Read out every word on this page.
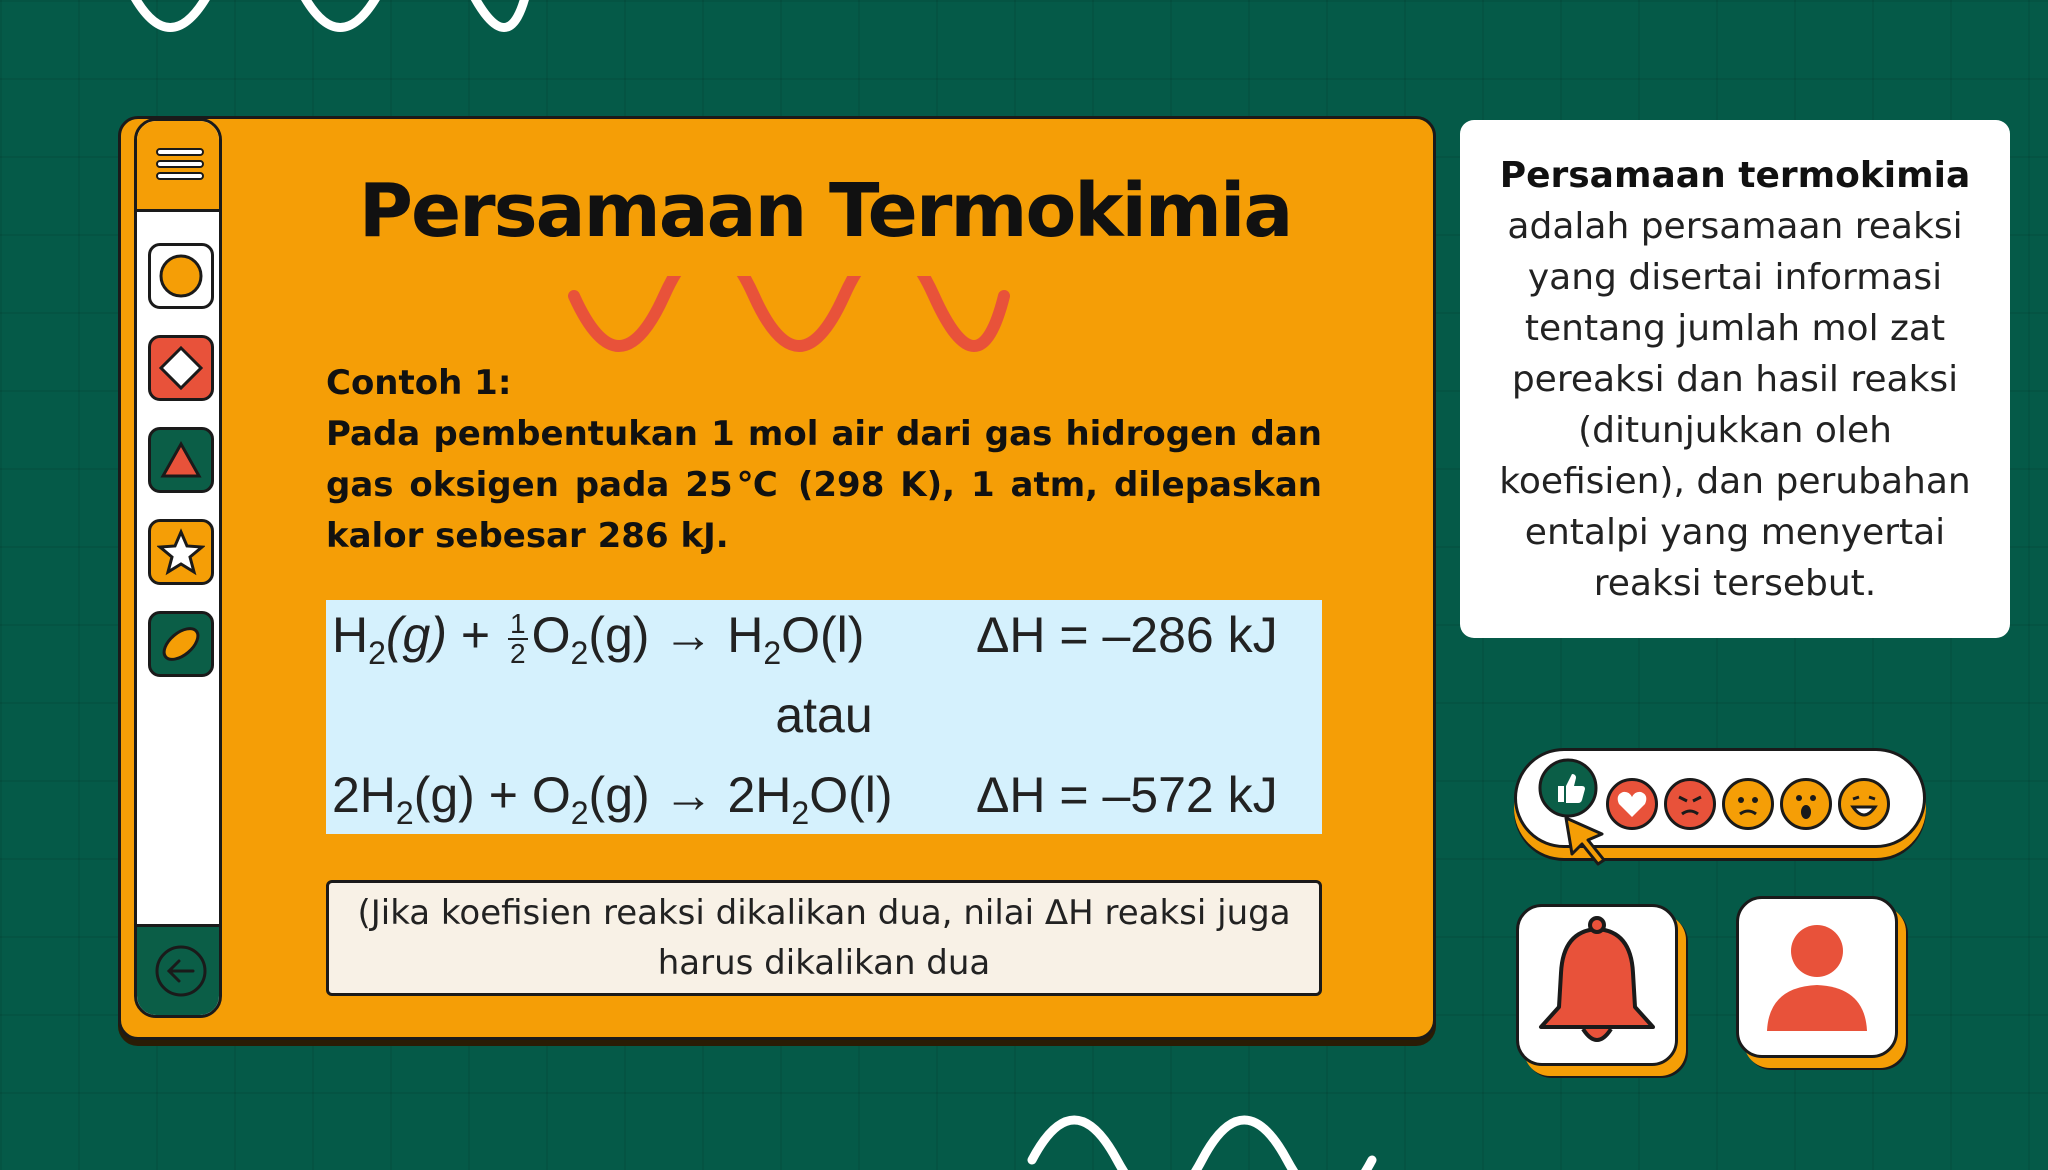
Persamaan Termokimia
Contoh 1:
Pada pembentukan 1 mol air dari gas hidrogen dan gas oksigen pada 25℃ (298 K), 1 atm, dilepaskan kalor sebesar 286 kJ.
$H_2(g) + \frac{1}{2} O_2(g) \to H_2O(l) \Delta H = -286$ kJ
atau
$2H_2(g) + O_2(g) \to 2H_2O(l) \Delta H = -572$ kJ
(Jika koefisien reaksi dikalikan dua, nilai ΔH reaksi juga harus dikalikan dua
Persamaan termokimia adalah persamaan reaksi yang disertai informasi tentang jumlah mol zat pereaksi dan hasil reaksi (ditunjukkan oleh koefisien), dan perubahan entalpi yang menyertai reaksi tersebut.
